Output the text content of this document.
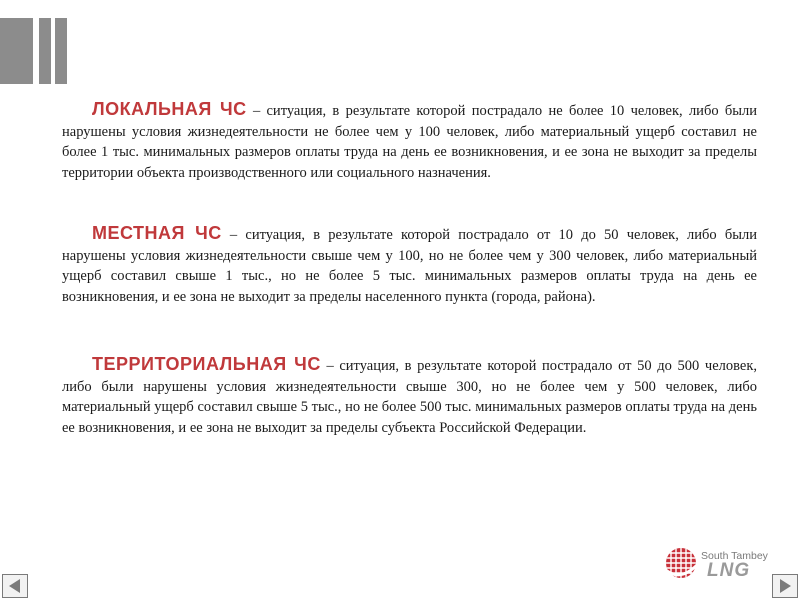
ЛОКАЛЬНАЯ ЧС – ситуация, в результате которой пострадало не более 10 человек, либо были нарушены условия жизнедеятельности не более чем у 100 человек, либо материальный ущерб составил не более 1 тыс. минимальных размеров оплаты труда на день ее возникновения, и ее зона не выходит за пределы территории объекта производственного или социального назначения.

МЕСТНАЯ ЧС – ситуация, в результате которой пострадало от 10 до 50 человек, либо были нарушены условия жизнедеятельности свыше чем у 100, но не более чем у 300 человек, либо материальный ущерб составил свыше 1 тыс., но не более 5 тыс. минимальных размеров оплаты труда на день ее возникновения, и ее зона не выходит за пределы населенного пункта (города, района).

ТЕРРИТОРИАЛЬНАЯ ЧС – ситуация, в результате которой пострадало от 50 до 500 человек, либо были нарушены условия жизнедеятельности свыше 300, но не более чем у 500 человек, либо материальный ущерб составил свыше 5 тыс., но не более 500 тыс. минимальных размеров оплаты труда на день ее возникновения, и ее зона не выходит за пределы субъекта Российской Федерации.

South Tambey
LNG
